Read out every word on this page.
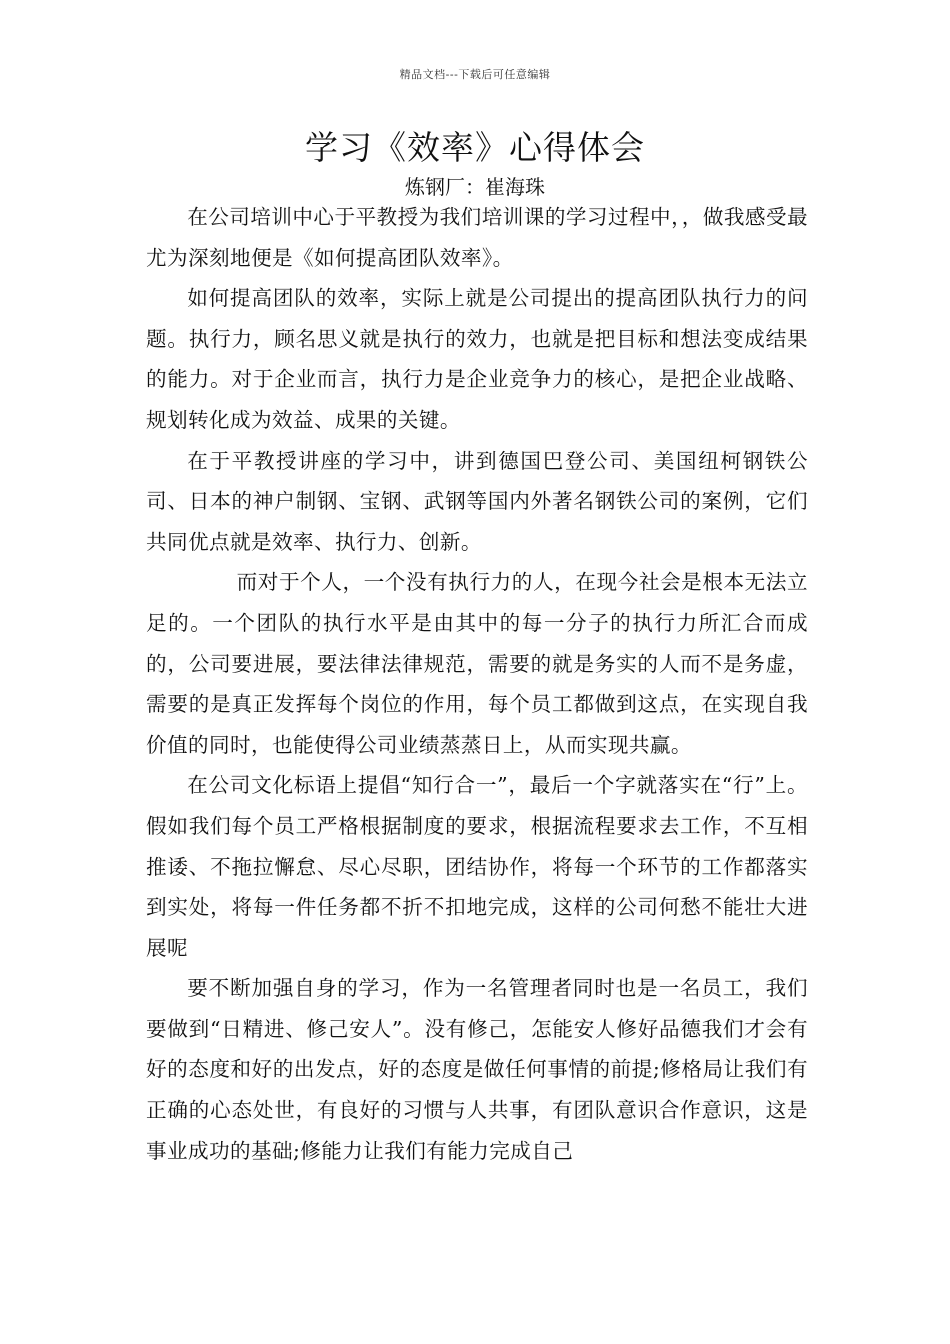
精品文档---下载后可任意编辑
学习《效率》心得体会
炼钢厂：崔海珠

在公司培训中心于平教授为我们培训课的学习过程中，，做我感受最尤为深刻地便是《如何提高团队效率》。

如何提高团队的效率，实际上就是公司提出的提高团队执行力的问题。执行力，顾名思义就是执行的效力，也就是把目标和想法变成结果的能力。对于企业而言，执行力是企业竞争力的核心，是把企业战略、规划转化成为效益、成果的关键。

在于平教授讲座的学习中，讲到德国巴登公司、美国纽柯钢铁公司、日本的神户制钢、宝钢、武钢等国内外著名钢铁公司的案例，它们共同优点就是效率、执行力、创新。

而对于个人，一个没有执行力的人，在现今社会是根本无法立足的。一个团队的执行水平是由其中的每一分子的执行力所汇合而成的，公司要进展，要法律法律规范，需要的就是务实的人而不是务虚，需要的是真正发挥每个岗位的作用，每个员工都做到这点，在实现自我价值的同时，也能使得公司业绩蒸蒸日上，从而实现共赢。

在公司文化标语上提倡“知行合一”，最后一个字就落实在“行”上。假如我们每个员工严格根据制度的要求，根据流程要求去工作，不互相推诿、不拖拉懈怠、尽心尽职，团结协作，将每一个环节的工作都落实到实处，将每一件任务都不折不扣地完成，这样的公司何愁不能壮大进展呢

要不断加强自身的学习，作为一名管理者同时也是一名员工，我们要做到“日精进、修己安人”。没有修己，怎能安人修好品德我们才会有好的态度和好的出发点，好的态度是做任何事情的前提;修格局让我们有正确的心态处世，有良好的习惯与人共事，有团队意识合作意识，这是事业成功的基础;修能力让我们有能力完成自己
